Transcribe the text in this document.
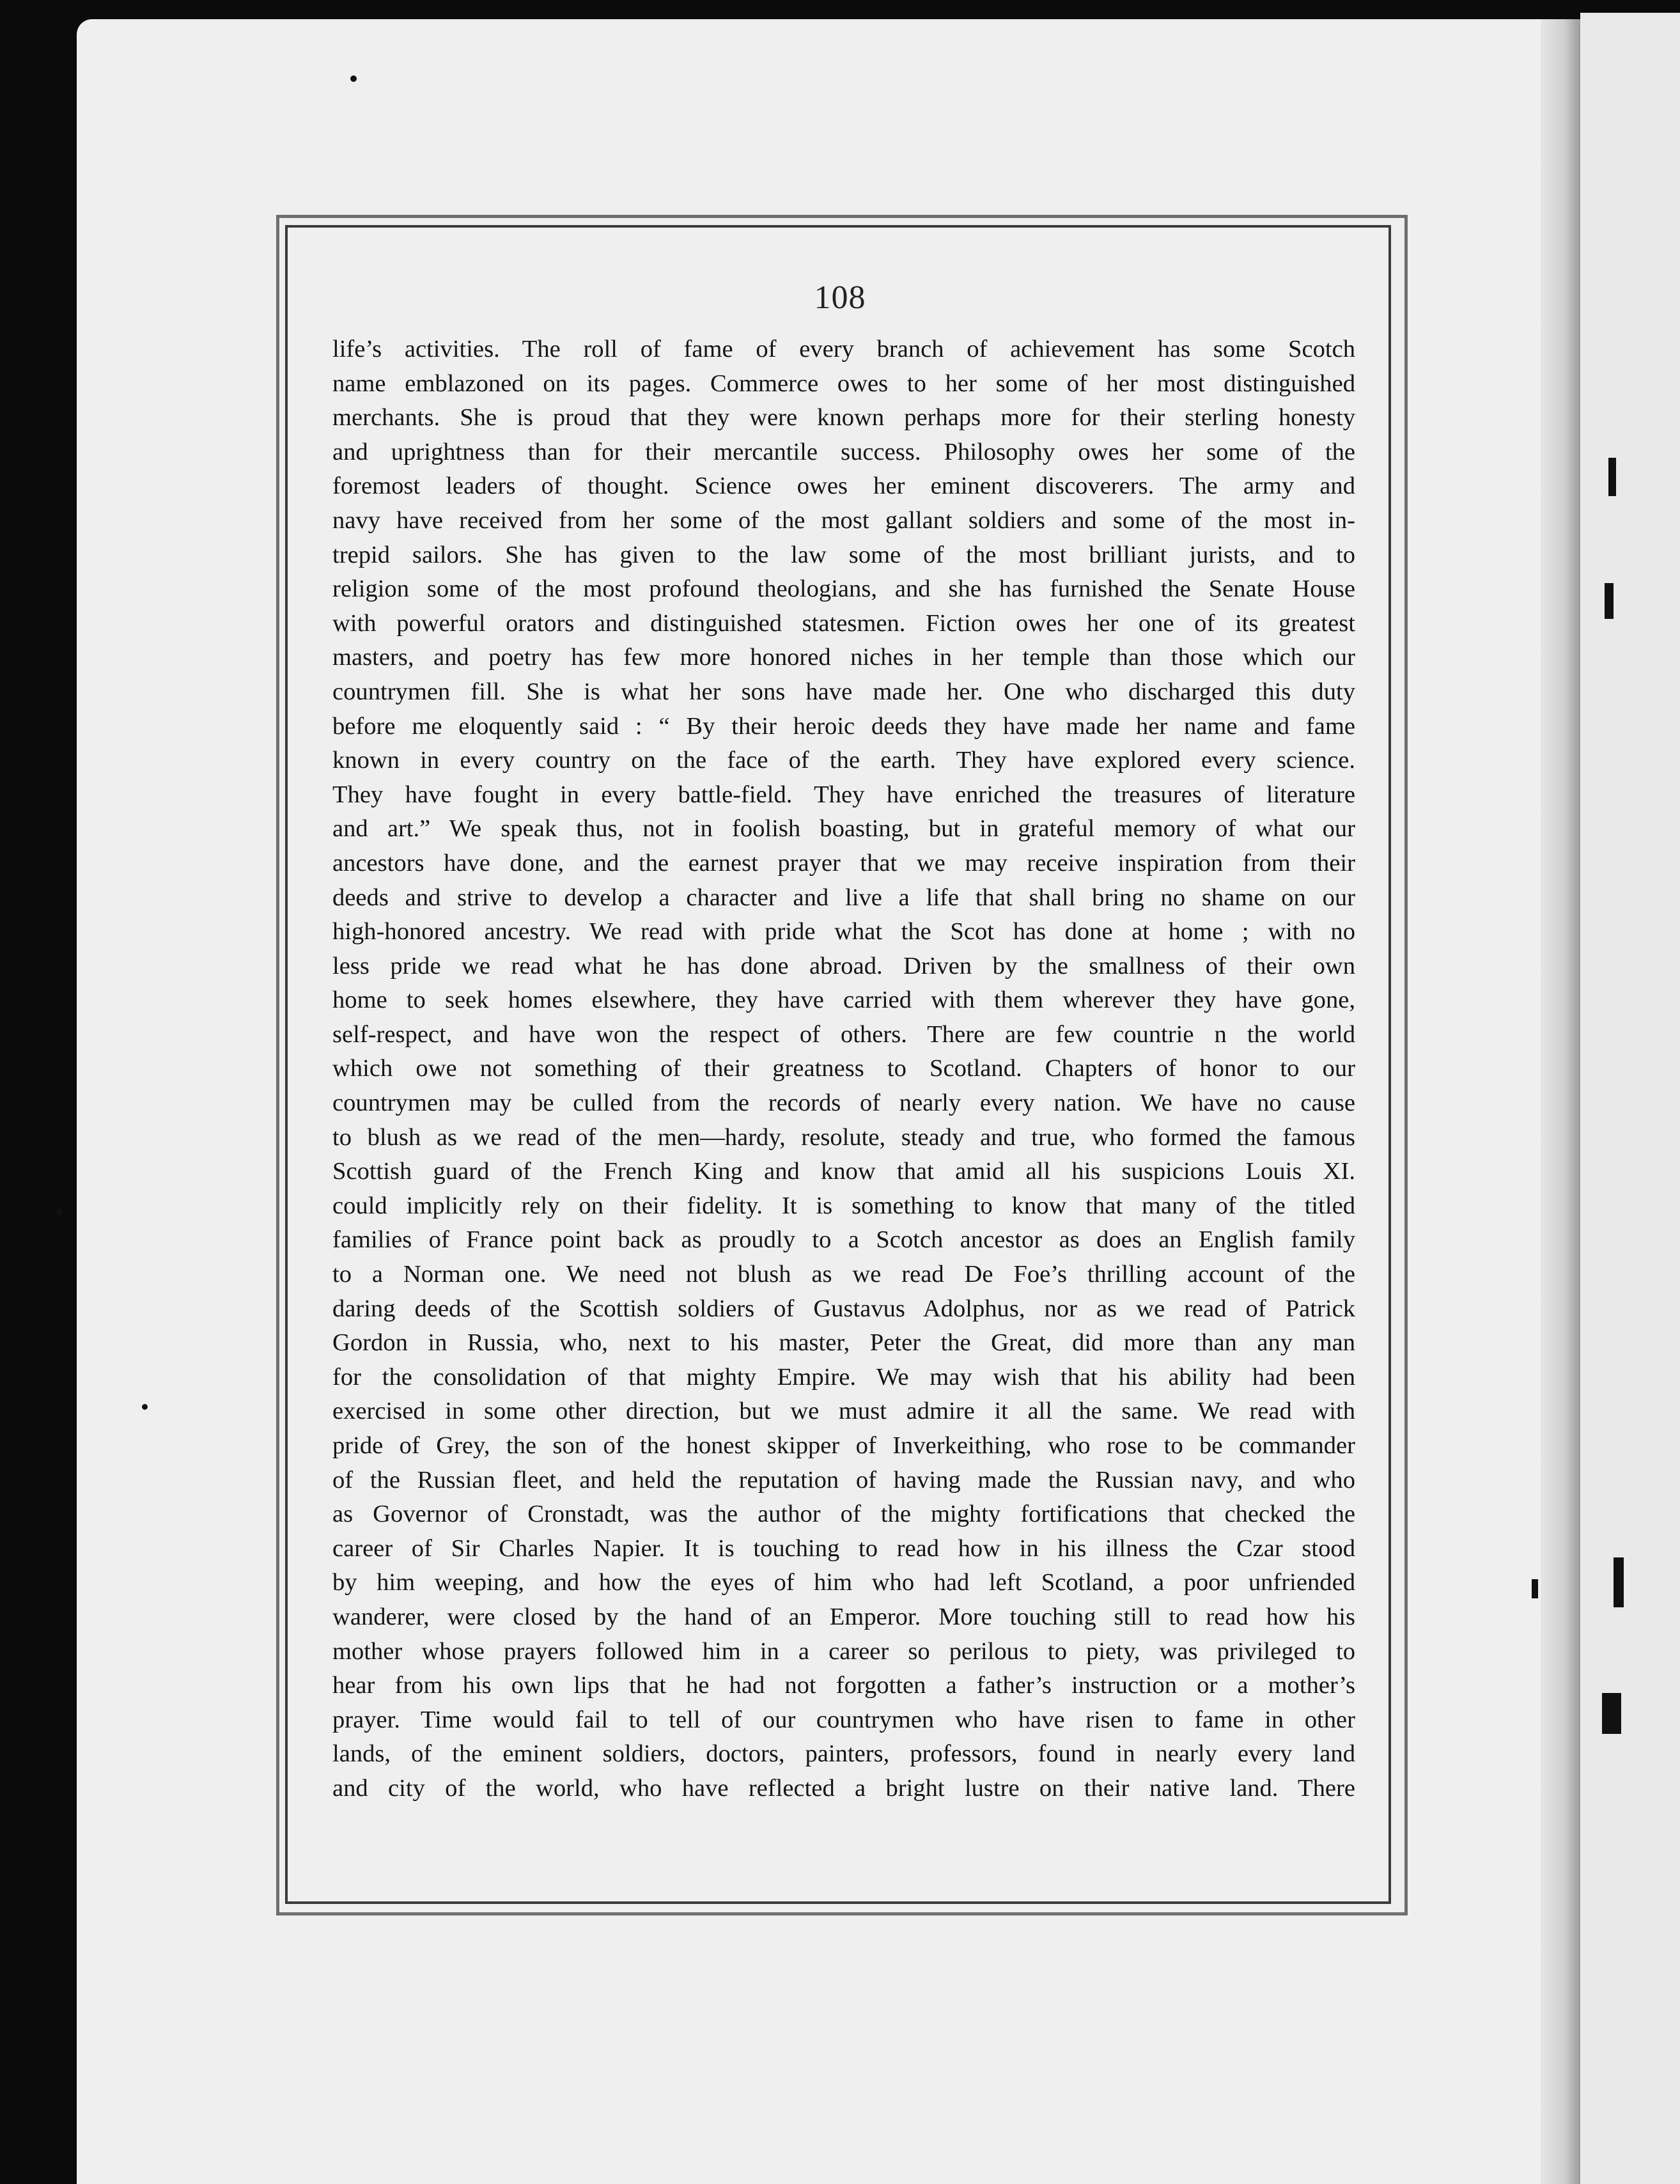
108
life’s activities. The roll of fame of every branch of achievement has some Scotch
name emblazoned on its pages. Commerce owes to her some of her most distinguished
merchants. She is proud that they were known perhaps more for their sterling honesty
and uprightness than for their mercantile success. Philosophy owes her some of the
foremost leaders of thought. Science owes her eminent discoverers. The army and
navy have received from her some of the most gallant soldiers and some of the most in-
trepid sailors. She has given to the law some of the most brilliant jurists, and to
religion some of the most profound theologians, and she has furnished the Senate House
with powerful orators and distinguished statesmen. Fiction owes her one of its greatest
masters, and poetry has few more honored niches in her temple than those which our
countrymen fill. She is what her sons have made her. One who discharged this duty
before me eloquently said : “ By their heroic deeds they have made her name and fame
known in every country on the face of the earth. They have explored every science.
They have fought in every battle-field. They have enriched the treasures of literature
and art.” We speak thus, not in foolish boasting, but in grateful memory of what our
ancestors have done, and the earnest prayer that we may receive inspiration from their
deeds and strive to develop a character and live a life that shall bring no shame on our
high-honored ancestry. We read with pride what the Scot has done at home ; with no
less pride we read what he has done abroad. Driven by the smallness of their own
home to seek homes elsewhere, they have carried with them wherever they have gone,
self-respect, and have won the respect of others. There are few countrie n the world
which owe not something of their greatness to Scotland. Chapters of honor to our
countrymen may be culled from the records of nearly every nation. We have no cause
to blush as we read of the men—hardy, resolute, steady and true, who formed the famous
Scottish guard of the French King and know that amid all his suspicions Louis XI.
could implicitly rely on their fidelity. It is something to know that many of the titled
families of France point back as proudly to a Scotch ancestor as does an English family
to a Norman one. We need not blush as we read De Foe’s thrilling account of the
daring deeds of the Scottish soldiers of Gustavus Adolphus, nor as we read of Patrick
Gordon in Russia, who, next to his master, Peter the Great, did more than any man
for the consolidation of that mighty Empire. We may wish that his ability had been
exercised in some other direction, but we must admire it all the same. We read with
pride of Grey, the son of the honest skipper of Inverkeithing, who rose to be commander
of the Russian fleet, and held the reputation of having made the Russian navy, and who
as Governor of Cronstadt, was the author of the mighty fortifications that checked the
career of Sir Charles Napier. It is touching to read how in his illness the Czar stood
by him weeping, and how the eyes of him who had left Scotland, a poor unfriended
wanderer, were closed by the hand of an Emperor. More touching still to read how his
mother whose prayers followed him in a career so perilous to piety, was privileged to
hear from his own lips that he had not forgotten a father’s instruction or a mother’s
prayer. Time would fail to tell of our countrymen who have risen to fame in other
lands, of the eminent soldiers, doctors, painters, professors, found in nearly every land
and city of the world, who have reflected a bright lustre on their native land. There
